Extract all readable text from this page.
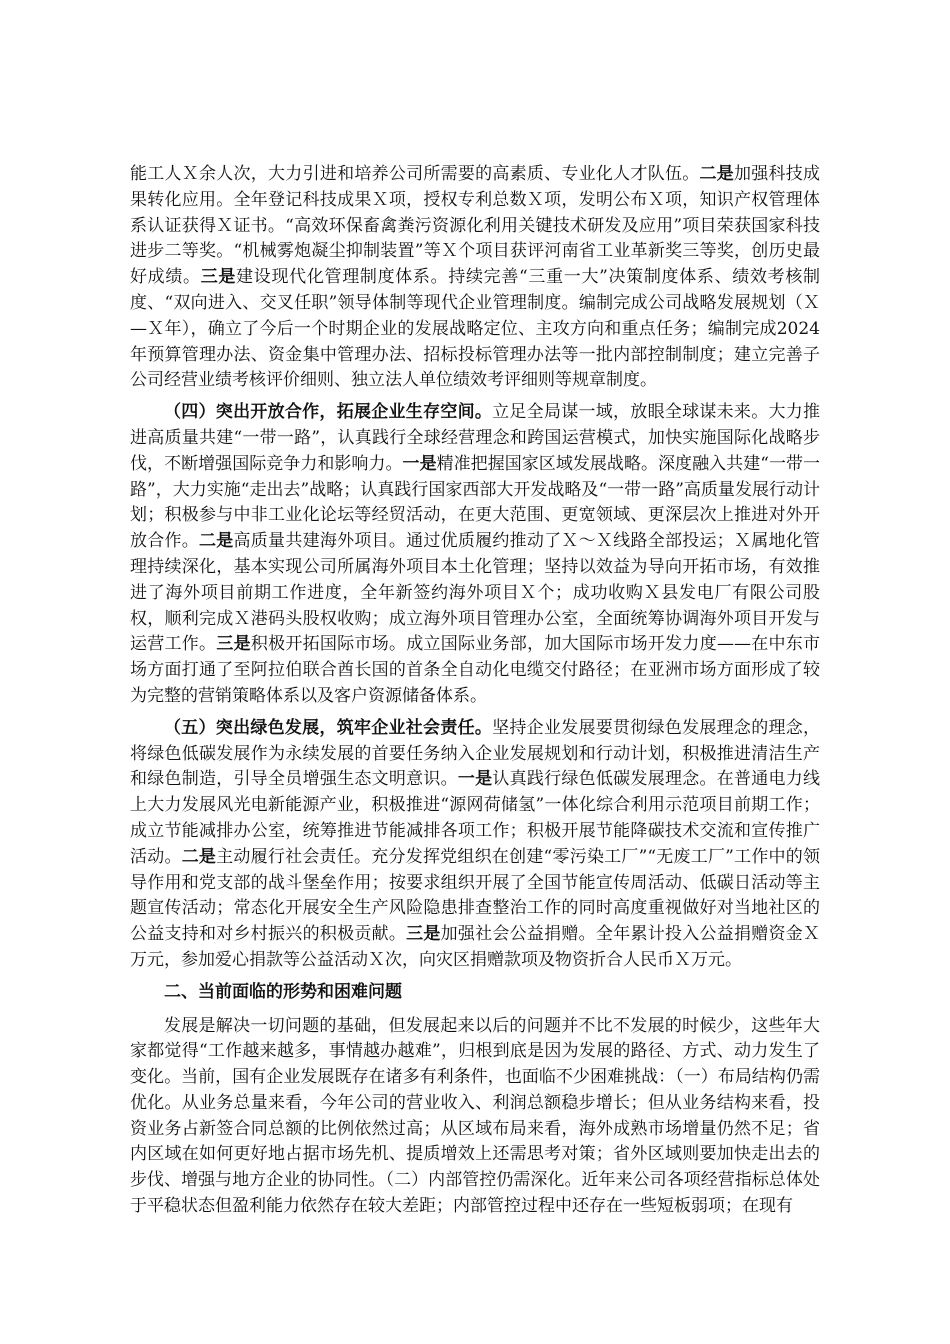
能工人Ｘ余人次，大力引进和培养公司所需要的高素质、专业化人才队伍。二是加强科技成果转化应用。全年登记科技成果Ｘ项，授权专利总数Ｘ项，发明公布Ｘ项，知识产权管理体系认证获得Ｘ证书。“高效环保畜禽粪污资源化利用关键技术研发及应用”项目荣获国家科技进步二等奖。“机械雾炮凝尘抑制装置”等Ｘ个项目获评河南省工业革新奖三等奖，创历史最好成绩。三是建设现代化管理制度体系。持续完善“三重一大”决策制度体系、绩效考核制度、“双向进入、交叉任职”领导体制等现代企业管理制度。编制完成公司战略发展规划（Ｘ—Ｘ年），确立了今后一个时期企业的发展战略定位、主攻方向和重点任务；编制完成2024年预算管理办法、资金集中管理办法、招标投标管理办法等一批内部控制制度；建立完善子公司经营业绩考核评价细则、独立法人单位绩效考评细则等规章制度。

（四）突出开放合作，拓展企业生存空间。立足全局谋一域，放眼全球谋未来。大力推进高质量共建“一带一路”，认真践行全球经营理念和跨国运营模式，加快实施国际化战略步伐，不断增强国际竞争力和影响力。一是精准把握国家区域发展战略。深度融入共建“一带一路”，大力实施“走出去”战略；认真践行国家西部大开发战略及“一带一路”高质量发展行动计划；积极参与中非工业化论坛等经贸活动，在更大范围、更宽领域、更深层次上推进对外开放合作。二是高质量共建海外项目。通过优质履约推动了Ｘ～Ｘ线路全部投运；Ｘ属地化管理持续深化，基本实现公司所属海外项目本土化管理；坚持以效益为导向开拓市场，有效推进了海外项目前期工作进度，全年新签约海外项目Ｘ个；成功收购Ｘ县发电厂有限公司股权，顺利完成Ｘ港码头股权收购；成立海外项目管理办公室，全面统筹协调海外项目开发与运营工作。三是积极开拓国际市场。成立国际业务部，加大国际市场开发力度——在中东市场方面打通了至阿拉伯联合酋长国的首条全自动化电缆交付路径；在亚洲市场方面形成了较为完整的营销策略体系以及客户资源储备体系。

（五）突出绿色发展，筑牢企业社会责任。坚持企业发展要贯彻绿色发展理念的理念，将绿色低碳发展作为永续发展的首要任务纳入企业发展规划和行动计划，积极推进清洁生产和绿色制造，引导全员增强生态文明意识。一是认真践行绿色低碳发展理念。在普通电力线上大力发展风光电新能源产业，积极推进“源网荷储氢”一体化综合利用示范项目前期工作；成立节能减排办公室，统筹推进节能减排各项工作；积极开展节能降碳技术交流和宣传推广活动。二是主动履行社会责任。充分发挥党组织在创建“零污染工厂”“无废工厂”工作中的领导作用和党支部的战斗堡垒作用；按要求组织开展了全国节能宣传周活动、低碳日活动等主题宣传活动；常态化开展安全生产风险隐患排查整治工作的同时高度重视做好对当地社区的公益支持和对乡村振兴的积极贡献。三是加强社会公益捐赠。全年累计投入公益捐赠资金Ｘ万元，参加爱心捐款等公益活动Ｘ次，向灾区捐赠款项及物资折合人民币Ｘ万元。

二、当前面临的形势和困难问题

发展是解决一切问题的基础，但发展起来以后的问题并不比不发展的时候少，这些年大家都觉得“工作越来越多，事情越办越难”，归根到底是因为发展的路径、方式、动力发生了变化。当前，国有企业发展既存在诸多有利条件，也面临不少困难挑战：（一）布局结构仍需优化。从业务总量来看，今年公司的营业收入、利润总额稳步增长；但从业务结构来看，投资业务占新签合同总额的比例依然过高；从区域布局来看，海外成熟市场增量仍然不足；省内区域在如何更好地占据市场先机、提质增效上还需思考对策；省外区域则要加快走出去的步伐、增强与地方企业的协同性。（二）内部管控仍需深化。近年来公司各项经营指标总体处于平稳状态但盈利能力依然存在较大差距；内部管控过程中还存在一些短板弱项；在现有
